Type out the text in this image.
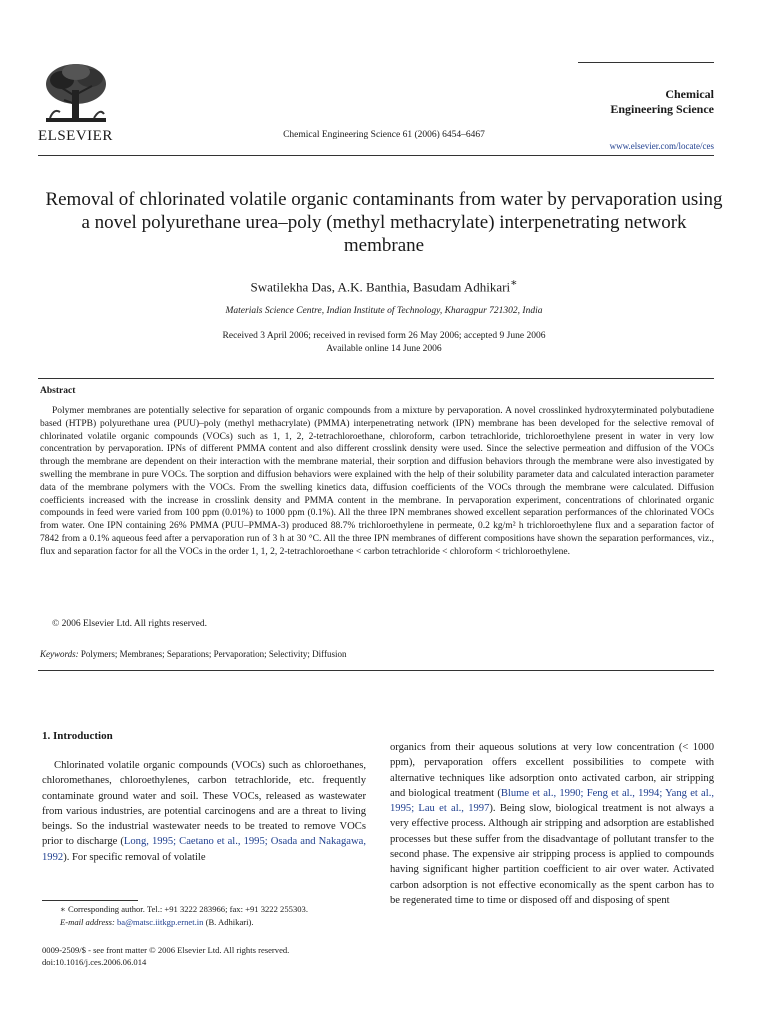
ELSEVIER	Chemical Engineering Science 61 (2006) 6454–6467
Chemical
Engineering Science
www.elsevier.com/locate/ces
Removal of chlorinated volatile organic contaminants from water by pervaporation using a novel polyurethane urea–poly (methyl methacrylate) interpenetrating network membrane
Swatilekha Das, A.K. Banthia, Basudam Adhikari∗
Materials Science Centre, Indian Institute of Technology, Kharagpur 721302, India
Received 3 April 2006; received in revised form 26 May 2006; accepted 9 June 2006
Available online 14 June 2006
Abstract
Polymer membranes are potentially selective for separation of organic compounds from a mixture by pervaporation. A novel crosslinked hydroxyterminated polybutadiene based (HTPB) polyurethane urea (PUU)–poly (methyl methacrylate) (PMMA) interpenetrating network (IPN) membrane has been developed for the selective removal of chlorinated volatile organic compounds (VOCs) such as 1, 1, 2, 2-tetrachloroethane, chloroform, carbon tetrachloride, trichloroethylene present in water in very low concentration by pervaporation. IPNs of different PMMA content and also different crosslink density were used. Since the selective permeation and diffusion of the VOCs through the membrane are dependent on their interaction with the membrane material, their sorption and diffusion behaviors through the membrane were also investigated by swelling the membrane in pure VOCs. The sorption and diffusion behaviors were explained with the help of their solubility parameter data and calculated interaction parameter data of the membrane polymers with the VOCs. From the swelling kinetics data, diffusion coefficients of the VOCs through the membrane were calculated. Diffusion coefficients increased with the increase in crosslink density and PMMA content in the membrane. In pervaporation experiment, concentrations of chlorinated organic compounds in feed were varied from 100 ppm (0.01%) to 1000 ppm (0.1%). All the three IPN membranes showed excellent separation performances of the chlorinated VOCs from water. One IPN containing 26% PMMA (PUU–PMMA-3) produced 88.7% trichloroethylene in permeate, 0.2 kg/m² h trichloroethylene flux and a separation factor of 7842 from a 0.1% aqueous feed after a pervaporation run of 3 h at 30 °C. All the three IPN membranes of different compositions have shown the separation performances, viz., flux and separation factor for all the VOCs in the order 1, 1, 2, 2-tetrachloroethane < carbon tetrachloride < chloroform < trichloroethylene.
© 2006 Elsevier Ltd. All rights reserved.
Keywords: Polymers; Membranes; Separations; Pervaporation; Selectivity; Diffusion
1. Introduction
Chlorinated volatile organic compounds (VOCs) such as chloroethanes, chloromethanes, chloroethylenes, carbon tetrachloride, etc. frequently contaminate ground water and soil. These VOCs, released as wastewater from various industries, are potential carcinogens and are a threat to living beings. So the industrial wastewater needs to be treated to remove VOCs prior to discharge (Long, 1995; Caetano et al., 1995; Osada and Nakagawa, 1992). For specific removal of volatile
organics from their aqueous solutions at very low concentration (< 1000 ppm), pervaporation offers excellent possibilities to compete with alternative techniques like adsorption onto activated carbon, air stripping and biological treatment (Blume et al., 1990; Feng et al., 1994; Yang et al., 1995; Lau et al., 1997). Being slow, biological treatment is not always a very effective process. Although air stripping and adsorption are established processes but these suffer from the disadvantage of pollutant transfer to the second phase. The expensive air stripping process is applied to compounds having significant higher partition coefficient to air over water. Activated carbon adsorption is not effective economically as the spent carbon has to be regenerated time to time or disposed off and disposing of spent
∗ Corresponding author. Tel.: +91 3222 283966; fax: +91 3222 255303.
E-mail address: ba@matsc.iitkgp.ernet.in (B. Adhikari).
0009-2509/$ - see front matter © 2006 Elsevier Ltd. All rights reserved.
doi:10.1016/j.ces.2006.06.014
